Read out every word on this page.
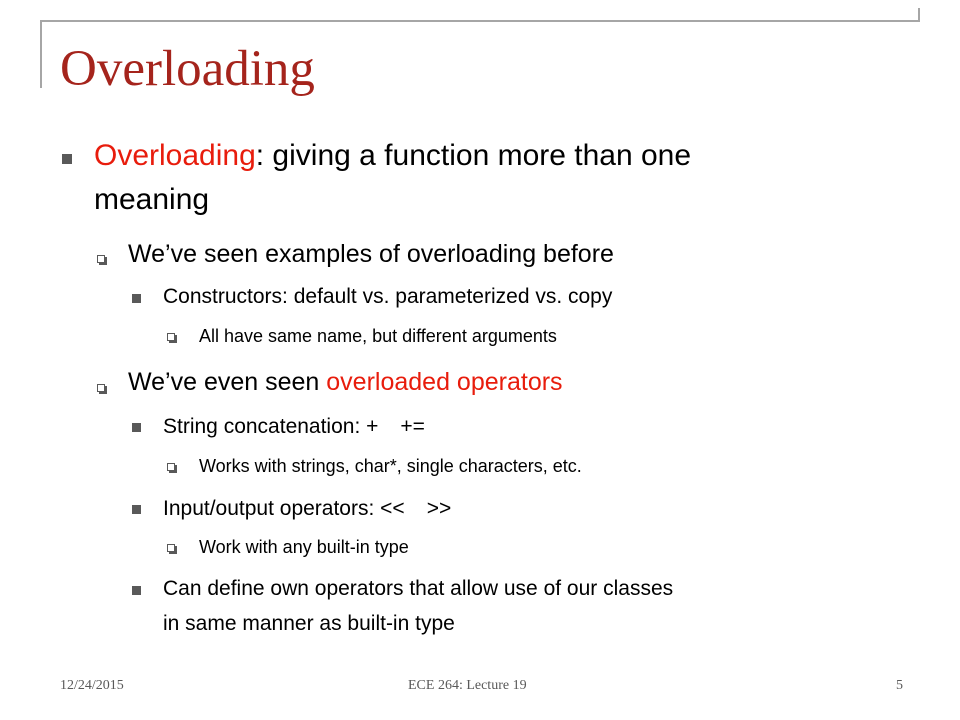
Overloading
Overloading: giving a function more than one
meaning
We’ve seen examples of overloading before
Constructors: default vs. parameterized vs. copy
All have same name, but different arguments
We’ve even seen overloaded operators
String concatenation: + +=
Works with strings, char*, single characters, etc.
Input/output operators: << >>
Work with any built-in type
Can define own operators that allow use of our classes
in same manner as built-in type
12/24/2015	ECE 264: Lecture 19	5
